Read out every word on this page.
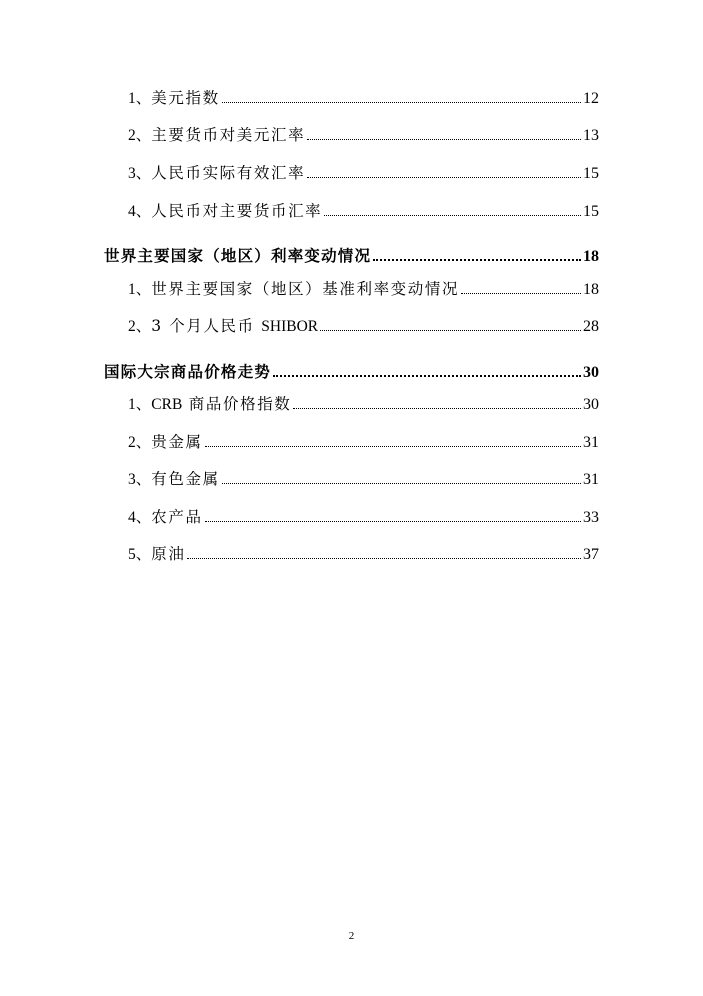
1、 美元指数	12
2、 主要货币对美元汇率	13
3、 人民币实际有效汇率	15
4、 人民币对主要货币汇率	15
世界主要国家（地区）利率变动情况	18
1、 世界主要国家（地区）基准利率变动情况	18
2、 3 个月人民币 SHIBOR	28
国际大宗商品价格走势	30
1、 CRB 商品价格指数	30
2、 贵金属	31
3、 有色金属	31
4、 农产品	33
5、 原油	37
2
